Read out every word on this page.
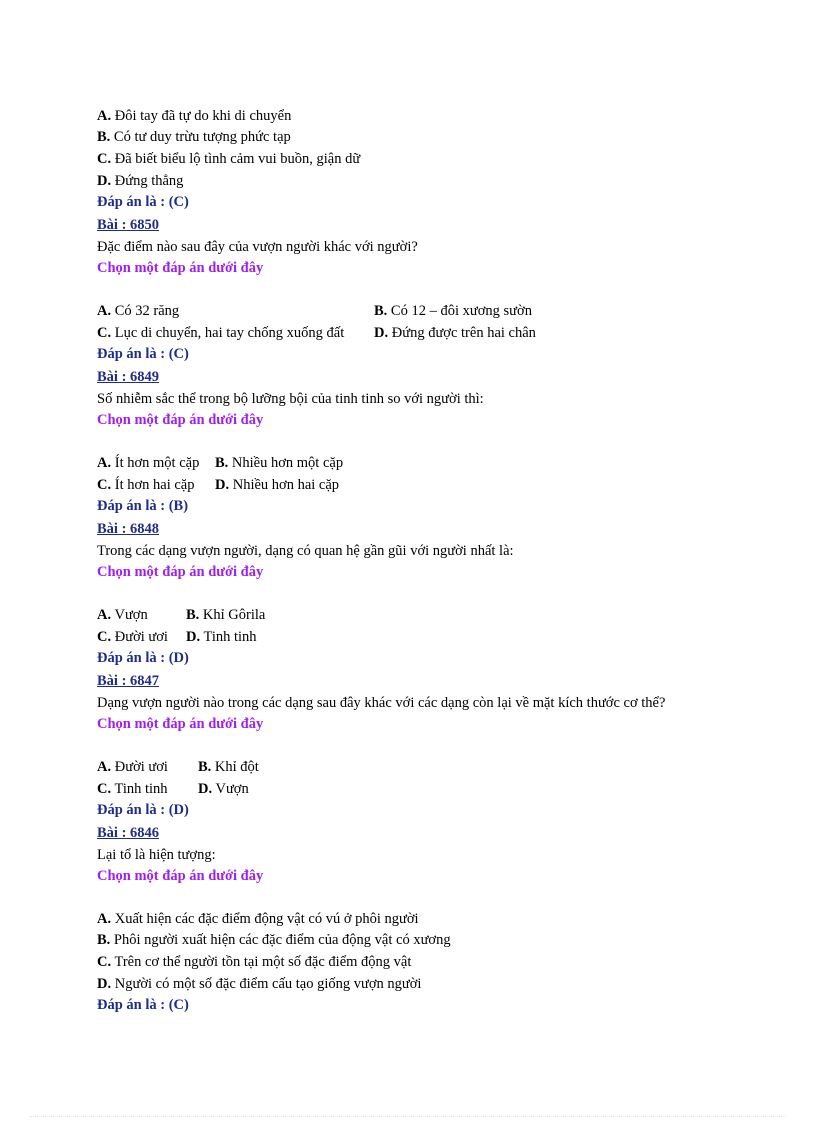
A. Đôi tay đã tự do khi di chuyển
B. Có tư duy trừu tượng phức tạp
C. Đã biết biểu lộ tình cảm vui buồn, giận dữ
D. Đứng thẳng
Đáp án là : (C)
Bài : 6850
Đặc điểm nào sau đây của vượn người khác với người?
Chọn một đáp án dưới đây
A. Có 32 răng	B. Có 12 – đôi xương sườn
C. Lục di chuyển, hai tay chống xuống đất D. Đứng được trên hai chân
Đáp án là : (C)
Bài : 6849
Số nhiễm sắc thể trong bộ lưỡng bội của tinh tinh so với người thì:
Chọn một đáp án dưới đây
A. Ít hơn một cặp B. Nhiều hơn một cặp
C. Ít hơn hai cặp D. Nhiều hơn hai cặp
Đáp án là : (B)
Bài : 6848
Trong các dạng vượn người, dạng có quan hệ gần gũi với người nhất là:
Chọn một đáp án dưới đây
A. Vượn	B. Khỉ Gôrila
C. Đười ươi D. Tinh tinh
Đáp án là : (D)
Bài : 6847
Dạng vượn người nào trong các dạng sau đây khác với các dạng còn lại về mặt kích thước cơ thể?
Chọn một đáp án dưới đây
A. Đười ươi B. Khỉ đột
C. Tinh tinh D. Vượn
Đáp án là : (D)
Bài : 6846
Lại tổ là hiện tượng:
Chọn một đáp án dưới đây
A. Xuất hiện các đặc điểm động vật có vú ở phôi người
B. Phôi người xuất hiện các đặc điểm của động vật có xương
C. Trên cơ thể người tồn tại một số đặc điểm động vật
D. Người có một số đặc điểm cấu tạo giống vượn người
Đáp án là : (C)
